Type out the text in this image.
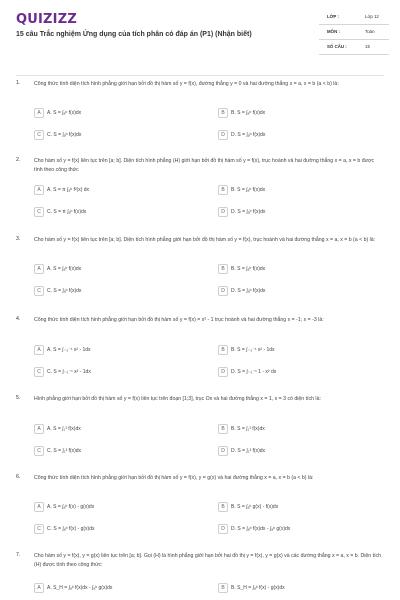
QUIZIZZ
15 câu Trắc nghiệm Ứng dụng của tích phân có đáp án (P1) (Nhận biết)
LỚP :	Lớp 12
MÔN :	Toán
SỐ CÂU :	15
1.	Công thức tính diện tích hình phẳng giới hạn bởi đồ thị hàm số y = f(x), đường thẳng y = 0 và hai đường thẳng x = a, x = b (a < b) là:
A	A. S = ∫ₐᵇ f(x)dx	B	B. S = ∫ₐᵇ f(x)dx
C	C. S = ∫ₐᵇ f(x)dx	D	D. S = ∫ₐᵇ f(x)dx
2.	Cho hàm số y = f(x) liên tục trên [a; b]. Diện tích hình phẳng (H) giới hạn bởi đồ thị hàm số y = f(x), trục hoành và hai đường thẳng x = a, x = b được tính theo công thức
A	A. S = π ∫ₐᵇ f²(x) dx	B	B. S = ∫ₐᵇ f(x)dx
C	C. S = π ∫ₐᵇ f(x)dx	D	D. S = ∫ₐᵇ f(x)dx
3.	Cho hàm số y = f(x) liên tục trên [a; b]. Diện tích hình phẳng giới hạn bởi đồ thị hàm số y = f(x), trục hoành và hai đường thẳng x = a, x = b (a < b) là:
A	A. S = ∫ₐᵇ f(x)dx	B	B. S = ∫ₐᵇ f(x)dx
C	C. S = ∫ₐᵇ f(x)dx	D	D. S = ∫ₐᵇ f(x)dx
4.	Công thức tính diện tích hình phẳng giới hạn bởi đồ thị hàm số y = f(x) = x² - 1 trục hoành và hai đường thẳng x = -1; x = -3 là:
A	A. S = ∫₋₃⁻¹ x² - 1dx	B	B. S = ∫₋₃⁻¹ x² - 1dx
C	C. S = ∫₋₃⁻¹ x² - 1dx	D	D. S = ∫₋₃⁻¹ 1 - x² dx
5.	Hình phẳng giới hạn bởi đồ thị hàm số y = f(x) liên tục trên đoạn [1;3], trục Ox và hai đường thẳng x = 1, x = 3 có diện tích là:
A	A. S = ∫₁³ f(x)dx	B	B. S = ∫₁³ f(x)dx
C	C. S = ∫₁³ f(x)dx	D	D. S = ∫₁³ f(x)dx
6.	Công thức tính diện tích hình phẳng giới hạn bởi đồ thị hàm số y = f(x), y = g(x) và hai đường thẳng x = a, x = b (a < b) là:
A	A. S = ∫ₐᵇ f(x) - g(x)dx	B	B. S = ∫ₐᵇ g(x) - f(x)dx
C	C. S = ∫ₐᵇ f(x) - g(x)dx	D	D. S = ∫ₐᵇ f(x)dx - ∫ₐᵇ g(x)dx
7.	Cho hàm số y = f(x), y = g(x) liên tục trên [a; b]. Gọi (H) là hình phẳng giới hạn bởi hai đồ thị y = f(x), y = g(x) và các đường thẳng x = a, x = b. Diện tích (H) được tính theo công thức:
A	A. S_H = ∫ₐᵇ f(x)dx - ∫ₐᵇ g(x)dx	B	B. S_H = ∫ₐᵇ f(x) - g(x)dx
